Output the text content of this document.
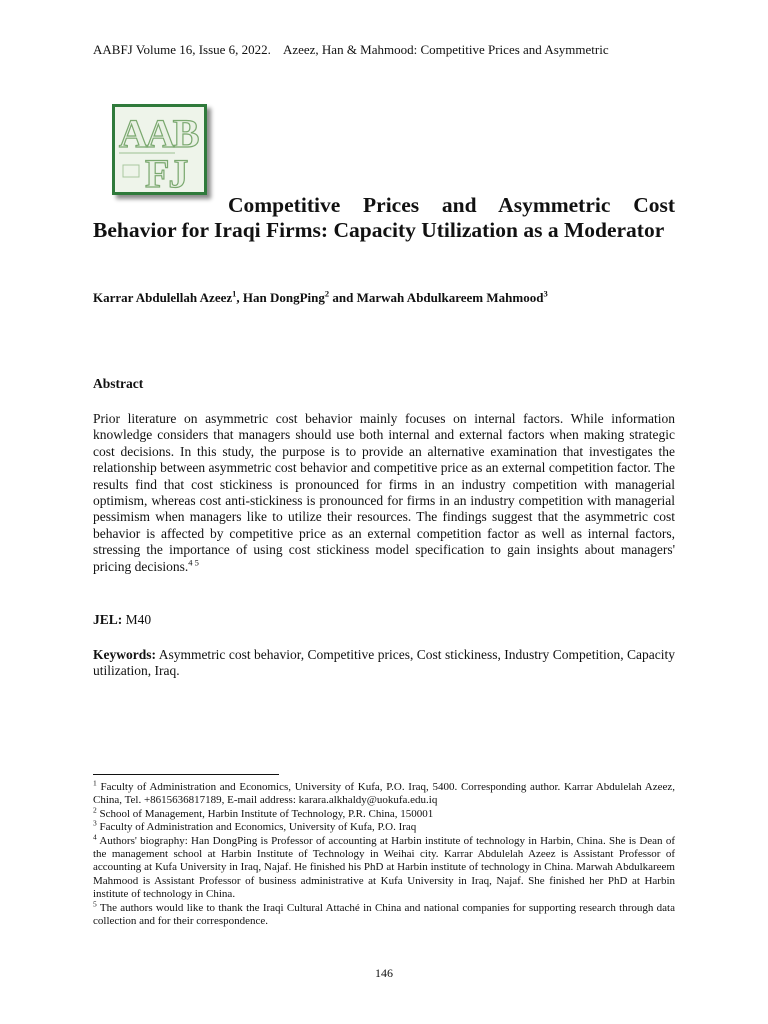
AABFJ Volume 16, Issue 6, 2022. Azeez, Han & Mahmood: Competitive Prices and Asymmetric
AAB
FJ
Competitive Prices and Asymmetric Cost
Behavior for Iraqi Firms: Capacity Utilization as a Moderator
Karrar Abdulellah Azeez$^1$, Han DongPing$^2$ and Marwah Abdulkareem Mahmood$^3$
Abstract

Prior literature on asymmetric cost behavior mainly focuses on internal factors. While information knowledge considers that managers should use both internal and external factors when making strategic cost decisions. In this study, the purpose is to provide an alternative examination that investigates the relationship between asymmetric cost behavior and competitive price as an external competition factor. The results find that cost stickiness is pronounced for firms in an industry competition with managerial optimism, whereas cost anti-stickiness is pronounced for firms in an industry competition with managerial pessimism when managers like to utilize their resources. The findings suggest that the asymmetric cost behavior is affected by competitive price as an external competition factor as well as internal factors, stressing the importance of using cost stickiness model specification to gain insights about managers' pricing decisions.$^{4 5}$

JEL: M40

Keywords: Asymmetric cost behavior, Competitive prices, Cost stickiness, Industry Competition, Capacity utilization, Iraq.

$^1$ Faculty of Administration and Economics, University of Kufa, P.O. Iraq, 5400. Corresponding author. Karrar Abdulelah Azeez, China, Tel. +8615636817189, E-mail address: karara.alkhaldy@uokufa.edu.iq

$^2$ School of Management, Harbin Institute of Technology, P.R. China, 150001

$^3$ Faculty of Administration and Economics, University of Kufa, P.O. Iraq

$^4$ Authors' biography: Han DongPing is Professor of accounting at Harbin institute of technology in Harbin, China. She is Dean of the management school at Harbin Institute of Technology in Weihai city. Karrar Abdulelah Azeez is Assistant Professor of accounting at Kufa University in Iraq, Najaf. He finished his PhD at Harbin institute of technology in China. Marwah Abdulkareem Mahmood is Assistant Professor of business administrative at Kufa University in Iraq, Najaf. She finished her PhD at Harbin institute of technology in China.

$^5$ The authors would like to thank the Iraqi Cultural Attaché in China and national companies for supporting research through data collection and for their correspondence.

146
